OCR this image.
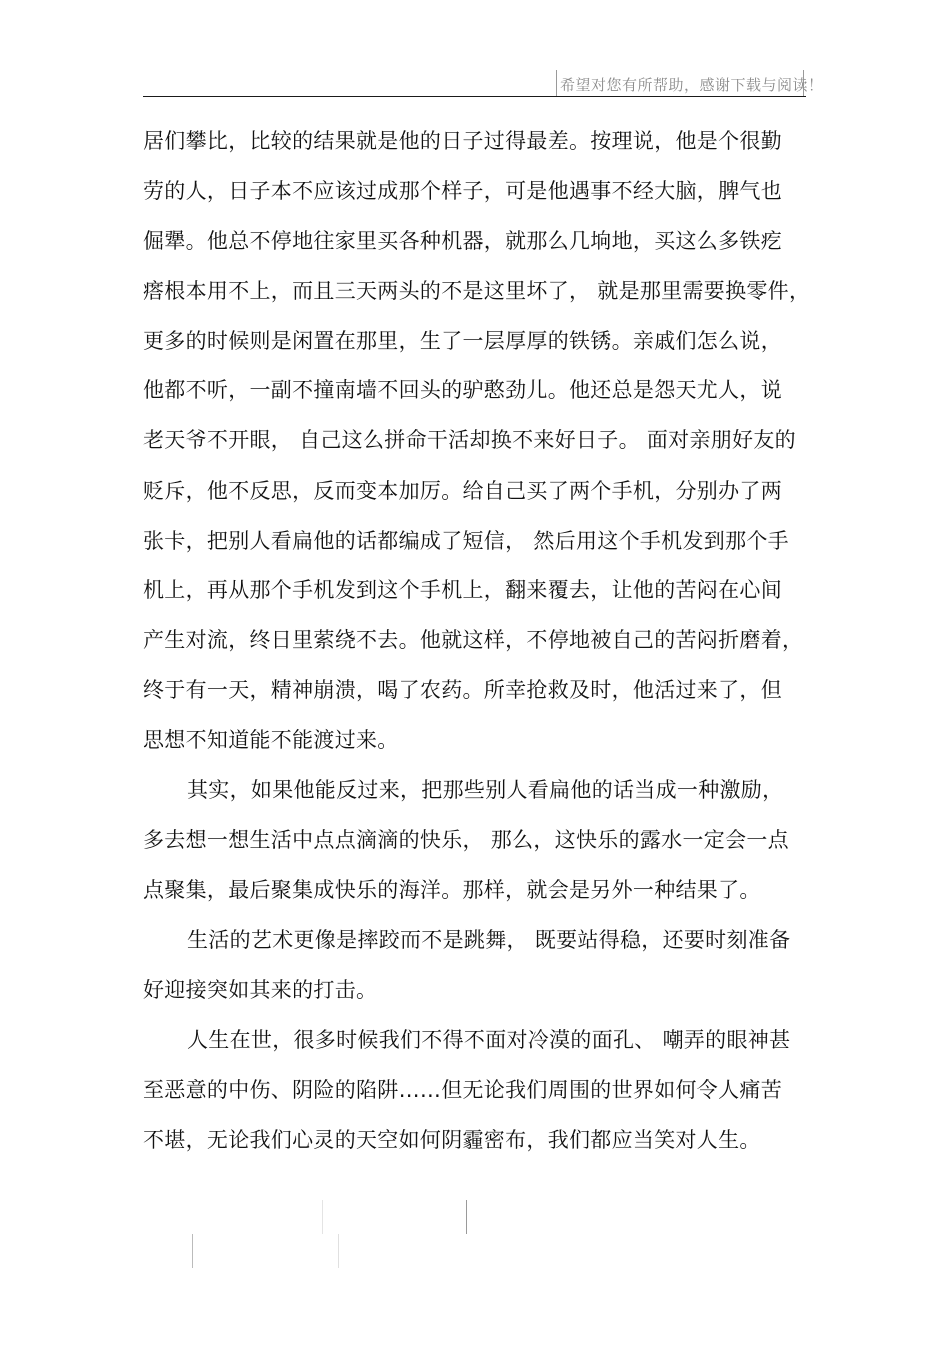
希望对您有所帮助，感谢下载与阅读！
居们攀比，比较的结果就是他的日子过得最差。按理说，他是个很勤
劳的人，日子本不应该过成那个样子，可是他遇事不经大脑，脾气也
倔犟。他总不停地往家里买各种机器，就那么几垧地，买这么多铁疙
瘩根本用不上，而且三天两头的不是这里坏了， 就是那里需要换零件，
更多的时候则是闲置在那里，生了一层厚厚的铁锈。亲戚们怎么说，
他都不听，一副不撞南墙不回头的驴憨劲儿。他还总是怨天尤人，说
老天爷不开眼， 自己这么拼命干活却换不来好日子。 面对亲朋好友的
贬斥，他不反思，反而变本加厉。给自己买了两个手机，分别办了两
张卡，把别人看扁他的话都编成了短信， 然后用这个手机发到那个手
机上，再从那个手机发到这个手机上，翻来覆去，让他的苦闷在心间
产生对流，终日里萦绕不去。他就这样，不停地被自己的苦闷折磨着，
终于有一天，精神崩溃，喝了农药。所幸抢救及时，他活过来了，但
思想不知道能不能渡过来。
其实，如果他能反过来，把那些别人看扁他的话当成一种激励，
多去想一想生活中点点滴滴的快乐， 那么，这快乐的露水一定会一点
点聚集，最后聚集成快乐的海洋。那样，就会是另外一种结果了。
生活的艺术更像是摔跤而不是跳舞， 既要站得稳，还要时刻准备
好迎接突如其来的打击。
人生在世，很多时候我们不得不面对冷漠的面孔、 嘲弄的眼神甚
至恶意的中伤、阴险的陷阱……但无论我们周围的世界如何令人痛苦
不堪，无论我们心灵的天空如何阴霾密布，我们都应当笑对人生。
